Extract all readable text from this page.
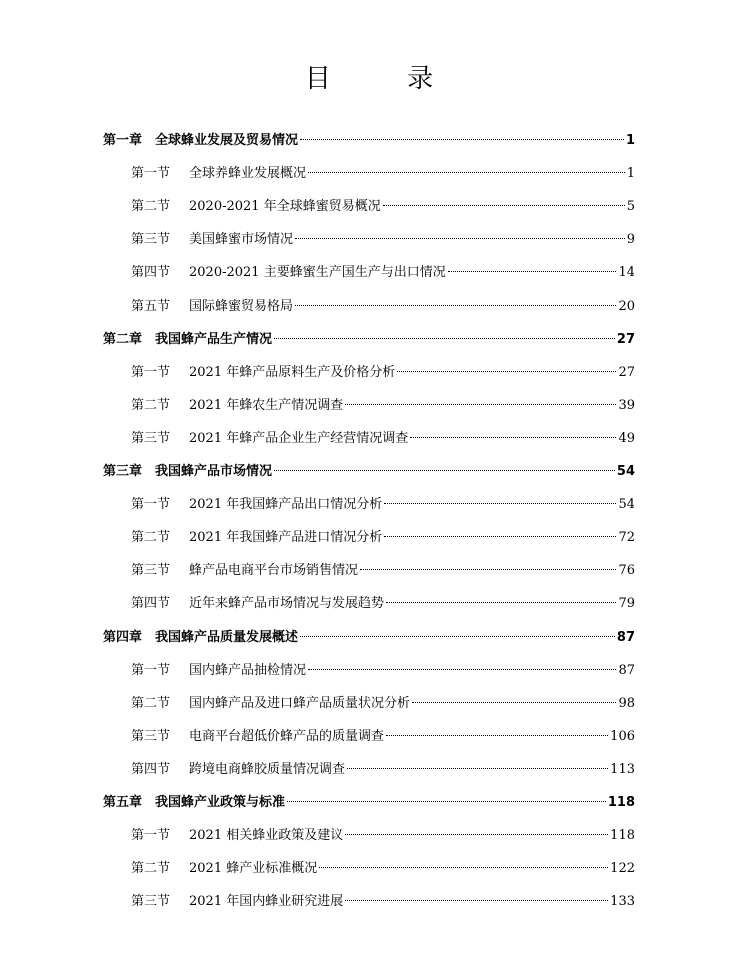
目 录
第一章 全球蜂业发展及贸易情况	1
第一节	全球养蜂业发展概况	1
第二节	2020-2021 年全球蜂蜜贸易概况	5
第三节	美国蜂蜜市场情况	9
第四节	2020-2021 主要蜂蜜生产国生产与出口情况	14
第五节	国际蜂蜜贸易格局	20
第二章 我国蜂产品生产情况	27
第一节	2021 年蜂产品原料生产及价格分析	27
第二节	2021 年蜂农生产情况调查	39
第三节	2021 年蜂产品企业生产经营情况调查	49
第三章 我国蜂产品市场情况	54
第一节	2021 年我国蜂产品出口情况分析	54
第二节	2021 年我国蜂产品进口情况分析	72
第三节	蜂产品电商平台市场销售情况	76
第四节	近年来蜂产品市场情况与发展趋势	79
第四章 我国蜂产品质量发展概述	87
第一节	国内蜂产品抽检情况	87
第二节	国内蜂产品及进口蜂产品质量状况分析	98
第三节	电商平台超低价蜂产品的质量调查	106
第四节	跨境电商蜂胶质量情况调查	113
第五章 我国蜂产业政策与标准	118
第一节	2021 相关蜂业政策及建议	118
第二节	2021 蜂产业标准概况	122
第三节	2021 年国内蜂业研究进展	133
